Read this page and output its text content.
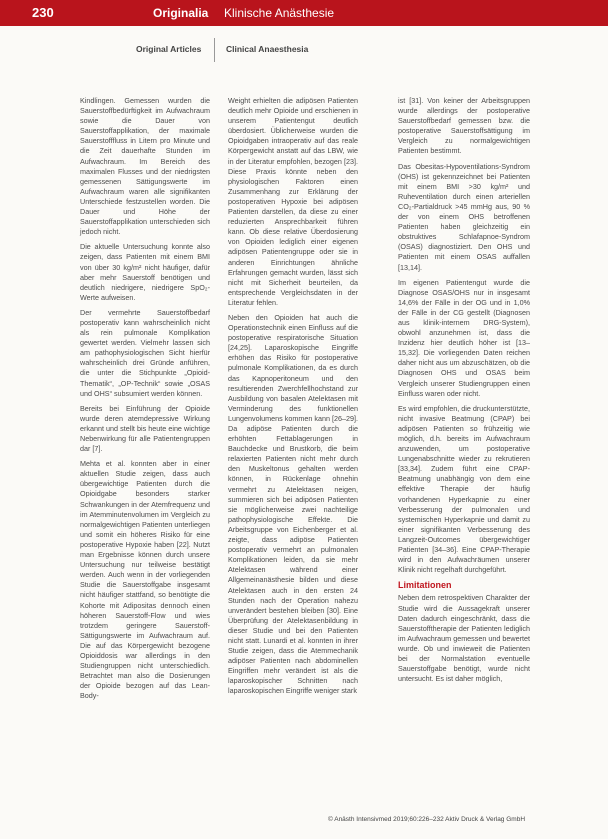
230	Originalia Klinische Anästhesie
Original Articles	Clinical Anaesthesia

Kindlingen. Gemessen wurden die Sauerstoffbedürftigkeit im Aufwachraum sowie die Dauer von Sauerstoffapplikation, der maximale Sauerstofffluss in Litern pro Minute und die Zeit dauerhafte Stunden im Aufwachraum. Im Bereich des maximalen Flusses und der niedrigsten gemessenen Sättigungswerte im Aufwachraum waren alle signifikanten Unterschiede festzustellen worden. Die Dauer und Höhe der Sauerstoffapplikation unterschieden sich jedoch nicht.

Die aktuelle Untersuchung konnte also zeigen, dass Patienten mit einem BMI von über 30 kg/m² nicht häufiger, dafür aber mehr Sauerstoff benötigen und deutlich niedrigere, niedrigere SpO₂-Werte aufweisen.

Der vermehrte Sauerstoffbedarf postoperativ kann wahrscheinlich nicht als rein pulmonale Komplikation gewertet werden. Vielmehr lassen sich am pathophysiologischen Sicht hierfür wahrscheinlich drei Gründe anführen, die unter die Stichpunkte „Opioid-Thematik“, „OP-Technik“ sowie „OSAS und OHS“ subsumiert werden können.

Bereits bei Einführung der Opioide wurde deren atemdepressive Wirkung erkannt und stellt bis heute eine wichtige Nebenwirkung für alle Patientengruppen dar [7].

Mehta et al. konnten aber in einer aktuellen Studie zeigen, dass auch übergewichtige Patienten durch die Opioidgabe besonders starker Schwankungen in der Atemfrequenz und im Atemminutenvolumen im Vergleich zu normalgewichtigen Patienten unterliegen und somit ein höheres Risiko für eine postoperative Hypoxie haben [22]. Nutzt man Ergebnisse können durch unsere Untersuchung nur teilweise bestätigt werden. Auch wenn in der vorliegenden Studie die Sauerstoffgabe insgesamt nicht häufiger stattfand, so benötigte die Kohorte mit Adipositas dennoch einen höheren Sauerstoff-Flow und wies trotzdem geringere Sauerstoff-Sättigungswerte im Aufwachraum auf. Die auf das Körpergewicht bezogene Opioiddosis war allerdings in den Studiengruppen nicht unterschiedlich. Betrachtet man also die Dosierungen der Opioide bezogen auf das Lean-Body-

Weight erhielten die adipösen Patienten deutlich mehr Opioide und erschienen in unserem Patientengut deutlich überdosiert. Üblicherweise wurden die Opioidgaben intraoperativ auf das reale Körpergewicht anstatt auf das LBW, wie in der Literatur empfohlen, bezogen [23]. Diese Praxis könnte neben den physiologischen Faktoren einen Zusammenhang zur Erklärung der postoperativen Hypoxie bei adipösen Patienten darstellen, da diese zu einer reduzierten Ansprechbarkeit führen kann. Ob diese relative Überdosierung von Opioiden lediglich einer eigenen adipösen Patientengruppe oder sie in anderen Einrichtungen ähnliche Erfahrungen gemacht wurden, lässt sich nicht mit Sicherheit beurteilen, da entsprechende Vergleichsdaten in der Literatur fehlen.

Neben den Opioiden hat auch die Operationstechnik einen Einfluss auf die postoperative respiratorische Situation [24,25]. Laparoskopische Eingriffe erhöhen das Risiko für postoperative pulmonale Komplikationen, da es durch das Kapnoperitoneum und den resultierenden Zwerchfellhochstand zur Ausbildung von basalen Atelektasen mit Verminderung des funktionellen Lungenvolumens kommen kann [26–29]. Da adipöse Patienten durch die erhöhten Fettablagerungen in Bauchdecke und Brustkorb, die beim relaxierten Patienten nicht mehr durch den Muskeltonus gehalten werden können, in Rückenlage ohnehin vermehrt zu Atelektasen neigen, summieren sich bei adipösen Patienten sie möglicherweise zwei nachteilige pathophysiologische Effekte. Die Arbeitsgruppe von Eichenberger et al. zeigte, dass adipöse Patienten postoperativ vermehrt an pulmonalen Komplikationen leiden, da sie mehr Atelektasen während einer Allgemeinanästhesie bilden und diese Atelektasen auch in den ersten 24 Stunden nach der Operation nahezu unverändert bestehen bleiben [30]. Eine Überprüfung der Atelektasenbildung in dieser Studie und bei den Patienten nicht statt. Lunardi et al. konnten in ihrer Studie zeigen, dass die Atemmechanik adipöser Patienten nach abdominellen Eingriffen mehr verändert ist als die laparoskopischer Schnitten nach laparoskopischen Eingriffe weniger stark

ist [31]. Von keiner der Arbeitsgruppen wurde allerdings der postoperative Sauerstoffbedarf gemessen bzw. die postoperative Sauerstoffsättigung im Vergleich zu normalgewichtigen Patienten bestimmt.

Das Obesitas-Hypoventilations-Syndrom (OHS) ist gekennzeichnet bei Patienten mit einem BMI >30 kg/m² und Ruheventilation durch einen arteriellen CO₂-Partialdruck >45 mmHg aus, 90 % der von einem OHS betroffenen Patienten haben gleichzeitig ein obstruktives Schlafapnoe-Syndrom (OSAS) diagnostiziert. Den OHS und Patienten mit einem OSAS auffallen [13,14].

Im eigenen Patientengut wurde die Diagnose OSAS/OHS nur in insgesamt 14,6% der Fälle in der OG und in 1,0% der Fälle in der CG gestellt (Diagnosen aus klinik-internem DRG-System), obwohl anzunehmen ist, dass die Inzidenz hier deutlich höher ist [13–15,32]. Die vorliegenden Daten reichen daher nicht aus um abzuschätzen, ob die Diagnosen OHS und OSAS beim Vergleich unserer Studiengruppen einen Einfluss waren oder nicht.

Es wird empfohlen, die druckunterstützte, nicht invasive Beatmung (CPAP) bei adipösen Patienten so frühzeitig wie möglich, d.h. bereits im Aufwachraum anzuwenden, um postoperative Lungenabschnitte wieder zu rekrutieren [33,34]. Zudem führt eine CPAP-Beatmung unabhängig von dem eine effektive Therapie der häufig vorhandenen Hyperkapnie zu einer Verbesserung der pulmonalen und systemischen Hyperkapnie und damit zu einer signifikanten Verbesserung des Langzeit-Outcomes übergewichtiger Patienten [34–36]. Eine CPAP-Therapie wird in den Aufwachräumen unserer Klinik nicht regelhaft durchgeführt.

Limitationen

Neben dem retrospektiven Charakter der Studie wird die Aussagekraft unserer Daten dadurch eingeschränkt, dass die Sauerstofftherapie der Patienten lediglich im Aufwachraum gemessen und bewertet wurde. Ob und inwieweit die Patienten bei der Normalstation eventuelle Sauerstoffgabe benötigt, wurde nicht untersucht. Es ist daher möglich,

© Anästh Intensivmed 2019;60:226–232 Aktiv Druck & Verlag GmbH
